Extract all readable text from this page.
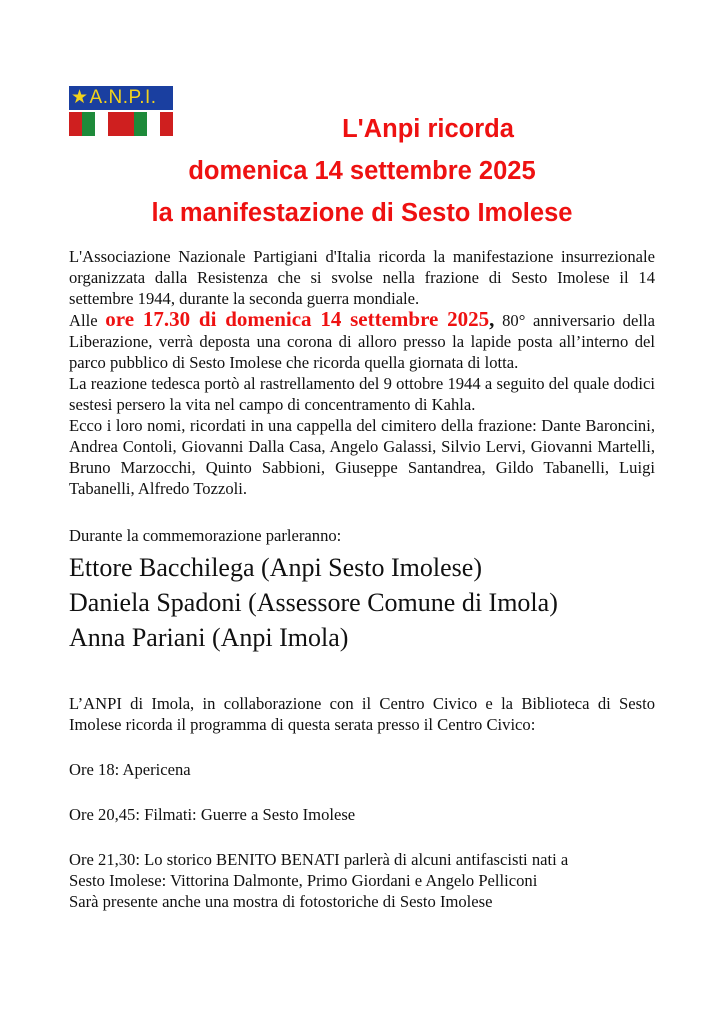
★A.N.P.I.
L'Anpi ricorda
domenica 14 settembre 2025
la manifestazione di Sesto Imolese

L'Associazione Nazionale Partigiani d'Italia ricorda la manifestazione insurrezionale organizzata dalla Resistenza che si svolse nella frazione di Sesto Imolese il 14 settembre 1944, durante la seconda guerra mondiale.

Alle ore 17.30 di domenica 14 settembre 2025, 80° anniversario della Liberazione, verrà deposta una corona di alloro presso la lapide posta all’interno del parco pubblico di Sesto Imolese che ricorda quella giornata di lotta.

La reazione tedesca portò al rastrellamento del 9 ottobre 1944 a seguito del quale dodici sestesi persero la vita nel campo di concentramento di Kahla.

Ecco i loro nomi, ricordati in una cappella del cimitero della frazione: Dante Baroncini, Andrea Contoli, Giovanni Dalla Casa, Angelo Galassi, Silvio Lervi, Giovanni Martelli, Bruno Marzocchi, Quinto Sabbioni, Giuseppe Santandrea, Gildo Tabanelli, Luigi Tabanelli, Alfredo Tozzoli.

Durante la commemorazione parleranno:

Ettore Bacchilega (Anpi Sesto Imolese)

Daniela Spadoni (Assessore Comune di Imola)

Anna Pariani (Anpi Imola)

L’ANPI di Imola, in collaborazione con il Centro Civico e la Biblioteca di Sesto Imolese ricorda il programma di questa serata presso il Centro Civico:

Ore 18: Apericena

Ore 20,45: Filmati: Guerre a Sesto Imolese

Ore 21,30: Lo storico BENITO BENATI parlerà di alcuni antifascisti nati a

Sesto Imolese: Vittorina Dalmonte, Primo Giordani e Angelo Pelliconi

Sarà presente anche una mostra di fotostoriche di Sesto Imolese
